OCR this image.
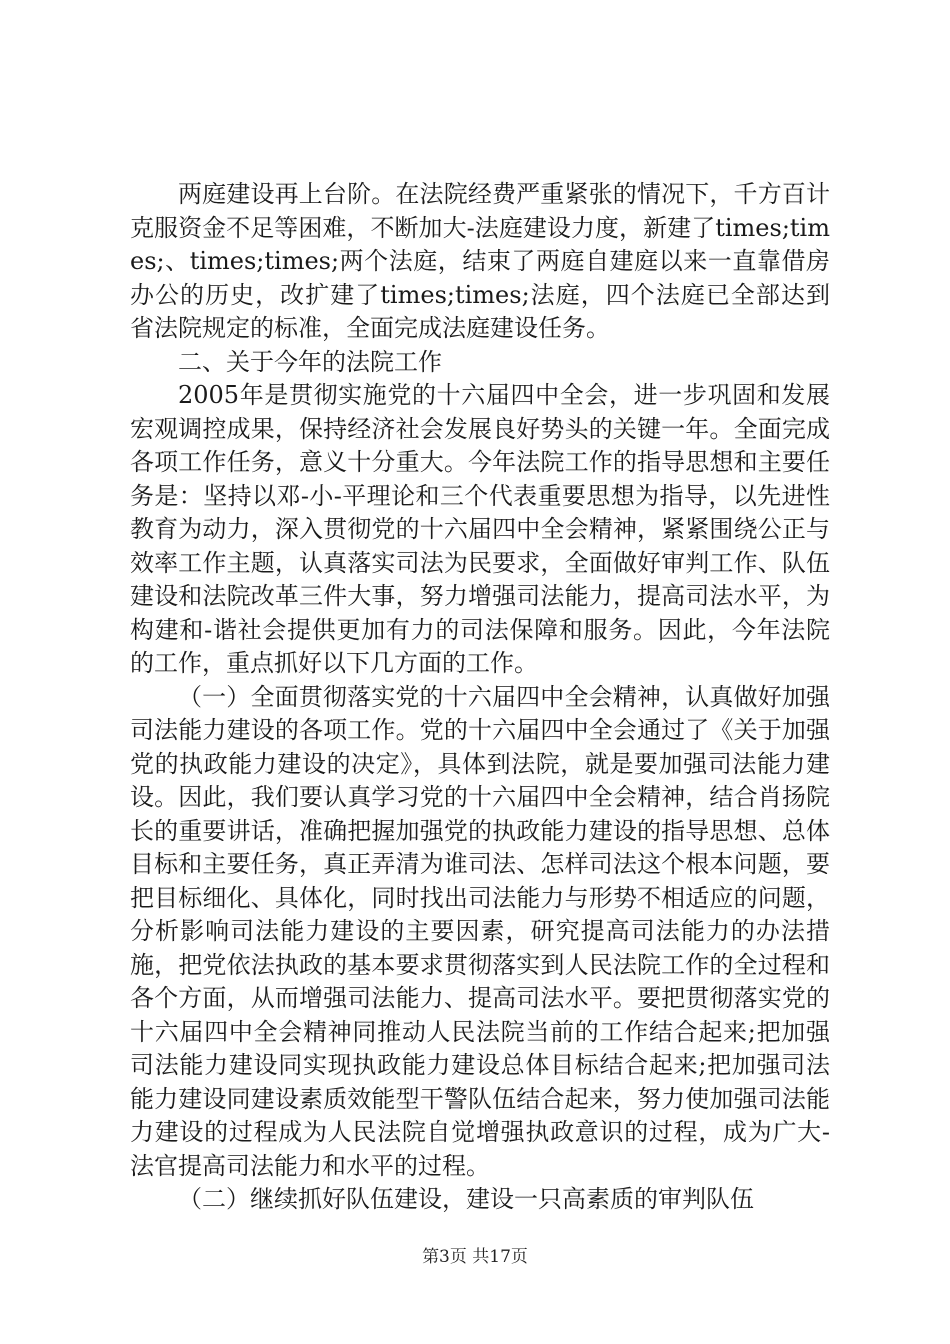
两庭建设再上台阶。在法院经费严重紧张的情况下，千方百计克服资金不足等困难，不断加大-法庭建设力度，新建了times;times;、times;times;两个法庭，结束了两庭自建庭以来一直靠借房办公的历史，改扩建了times;times;法庭，四个法庭已全部达到省法院规定的标准，全面完成法庭建设任务。

二、关于今年的法院工作

2005年是贯彻实施党的十六届四中全会，进一步巩固和发展宏观调控成果，保持经济社会发展良好势头的关键一年。全面完成各项工作任务，意义十分重大。今年法院工作的指导思想和主要任务是：坚持以邓-小-平理论和三个代表重要思想为指导，以先进性教育为动力，深入贯彻党的十六届四中全会精神，紧紧围绕公正与效率工作主题，认真落实司法为民要求，全面做好审判工作、队伍建设和法院改革三件大事，努力增强司法能力，提高司法水平，为构建和-谐社会提供更加有力的司法保障和服务。因此，今年法院的工作，重点抓好以下几方面的工作。

（一）全面贯彻落实党的十六届四中全会精神，认真做好加强司法能力建设的各项工作。党的十六届四中全会通过了《关于加强党的执政能力建设的决定》，具体到法院，就是要加强司法能力建设。因此，我们要认真学习党的十六届四中全会精神，结合肖扬院长的重要讲话，准确把握加强党的执政能力建设的指导思想、总体目标和主要任务，真正弄清为谁司法、怎样司法这个根本问题，要把目标细化、具体化，同时找出司法能力与形势不相适应的问题，分析影响司法能力建设的主要因素，研究提高司法能力的办法措施，把党依法执政的基本要求贯彻落实到人民法院工作的全过程和各个方面，从而增强司法能力、提高司法水平。要把贯彻落实党的十六届四中全会精神同推动人民法院当前的工作结合起来;把加强司法能力建设同实现执政能力建设总体目标结合起来;把加强司法能力建设同建设素质效能型干警队伍结合起来，努力使加强司法能力建设的过程成为人民法院自觉增强执政意识的过程，成为广大-法官提高司法能力和水平的过程。

（二）继续抓好队伍建设，建设一只高素质的审判队伍

第3页 共17页
